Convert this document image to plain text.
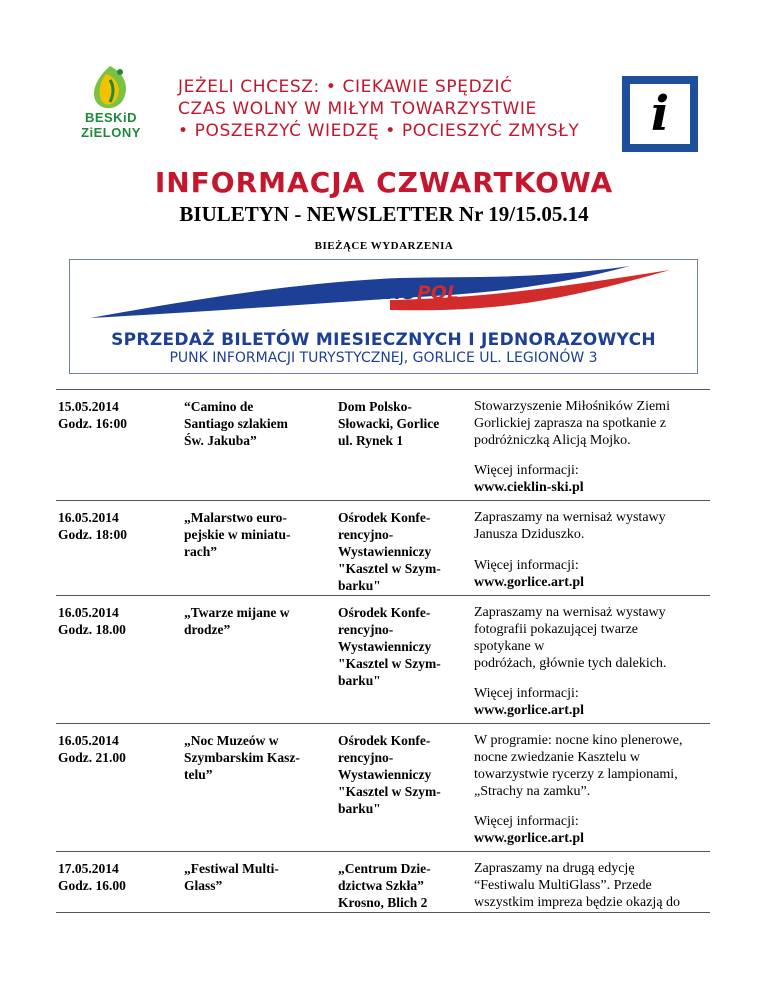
BESKiD
ZiELONY
JEŻELI CHCESZ: • CIEKAWIE SPĘDZIĆ
CZAS WOLNY W MIŁYM TOWARZYSTWIE
• POSZERZYĆ WIEDZĘ • POCIESZYĆ ZMYSŁY	i
INFORMACJA CZWARTKOWA
BIULETYN - NEWSLETTER Nr 19/15.05.14
BIEŻĄCE WYDARZENIA
SZWAGROPOL
SPRZEDAŻ BILETÓW MIESIECZNYCH I JEDNORAZOWYCH
PUNK INFORMACJI TURYSTYCZNEJ, GORLICE UL. LEGIONÓW 3
15.05.2014
Godz. 16:00
“Camino de
Santiago szlakiem
Św. Jakuba”
Dom Polsko-
Słowacki, Gorlice
ul. Rynek 1
Stowarzyszenie Miłośników Ziemi
Gorlickiej zaprasza na spotkanie z
podróżniczką Alicją Mojko.
Więcej informacji:
www.cieklin-ski.pl
16.05.2014
Godz. 18:00
„Malarstwo euro-
pejskie w miniatu-
rach”
Ośrodek Konfe-
rencyjno-
Wystawienniczy
"Kasztel w Szym-
barku"
Zapraszamy na wernisaż wystawy
Janusza Dziduszko.
Więcej informacji:
www.gorlice.art.pl
16.05.2014
Godz. 18.00
„Twarze mijane w
drodze”
Ośrodek Konfe-
rencyjno-
Wystawienniczy
"Kasztel w Szym-
barku"
Zapraszamy na wernisaż wystawy
fotografii pokazującej twarze
spotykane w
podróżach, głównie tych dalekich.
Więcej informacji:
www.gorlice.art.pl
16.05.2014
Godz. 21.00
„Noc Muzeów w
Szymbarskim Kasz-
telu”
Ośrodek Konfe-
rencyjno-
Wystawienniczy
"Kasztel w Szym-
barku"
W programie: nocne kino plenerowe,
nocne zwiedzanie Kasztelu w
towarzystwie rycerzy z lampionami,
„Strachy na zamku”.
Więcej informacji:
www.gorlice.art.pl
17.05.2014
Godz. 16.00
„Festiwal Multi-
Glass”
„Centrum Dzie-
dzictwa Szkła”
Krosno, Blich 2
Zapraszamy na drugą edycję
“Festiwalu MultiGlass”. Przede
wszystkim impreza będzie okazją do
